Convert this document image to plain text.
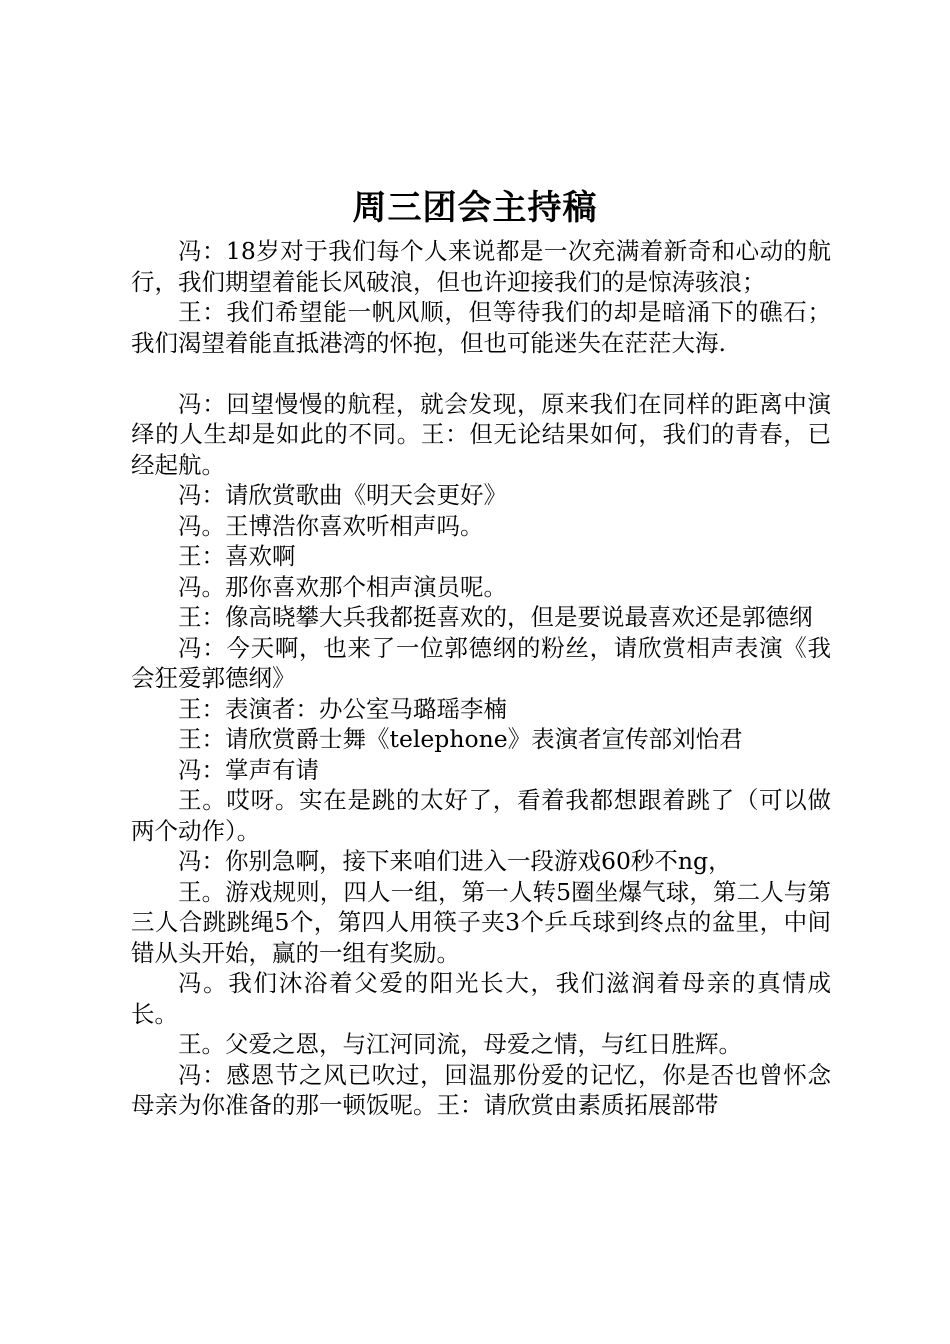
周三团会主持稿

冯：18岁对于我们每个人来说都是一次充满着新奇和心动的航行，我们期望着能长风破浪，但也许迎接我们的是惊涛骇浪；

王：我们希望能一帆风顺，但等待我们的却是暗涌下的礁石；我们渴望着能直抵港湾的怀抱，但也可能迷失在茫茫大海.

冯：回望慢慢的航程，就会发现，原来我们在同样的距离中演绎的人生却是如此的不同。王：但无论结果如何，我们的青春，已经起航。

冯：请欣赏歌曲《明天会更好》

冯。王博浩你喜欢听相声吗。

王：喜欢啊

冯。那你喜欢那个相声演员呢。

王：像高晓攀大兵我都挺喜欢的，但是要说最喜欢还是郭德纲

冯：今天啊，也来了一位郭德纲的粉丝，请欣赏相声表演《我会狂爱郭德纲》

王：表演者：办公室马璐瑶李楠

王：请欣赏爵士舞《telephone》表演者宣传部刘怡君

冯：掌声有请

王。哎呀。实在是跳的太好了，看着我都想跟着跳了（可以做两个动作）。

冯：你别急啊，接下来咱们进入一段游戏60秒不ng，

王。游戏规则，四人一组，第一人转5圈坐爆气球，第二人与第三人合跳跳绳5个，第四人用筷子夹3个乒乓球到终点的盆里，中间错从头开始，赢的一组有奖励。

冯。我们沐浴着父爱的阳光长大，我们滋润着母亲的真情成长。

王。父爱之恩，与江河同流，母爱之情，与红日胜辉。

冯：感恩节之风已吹过，回温那份爱的记忆，你是否也曾怀念母亲为你准备的那一顿饭呢。王：请欣赏由素质拓展部带
